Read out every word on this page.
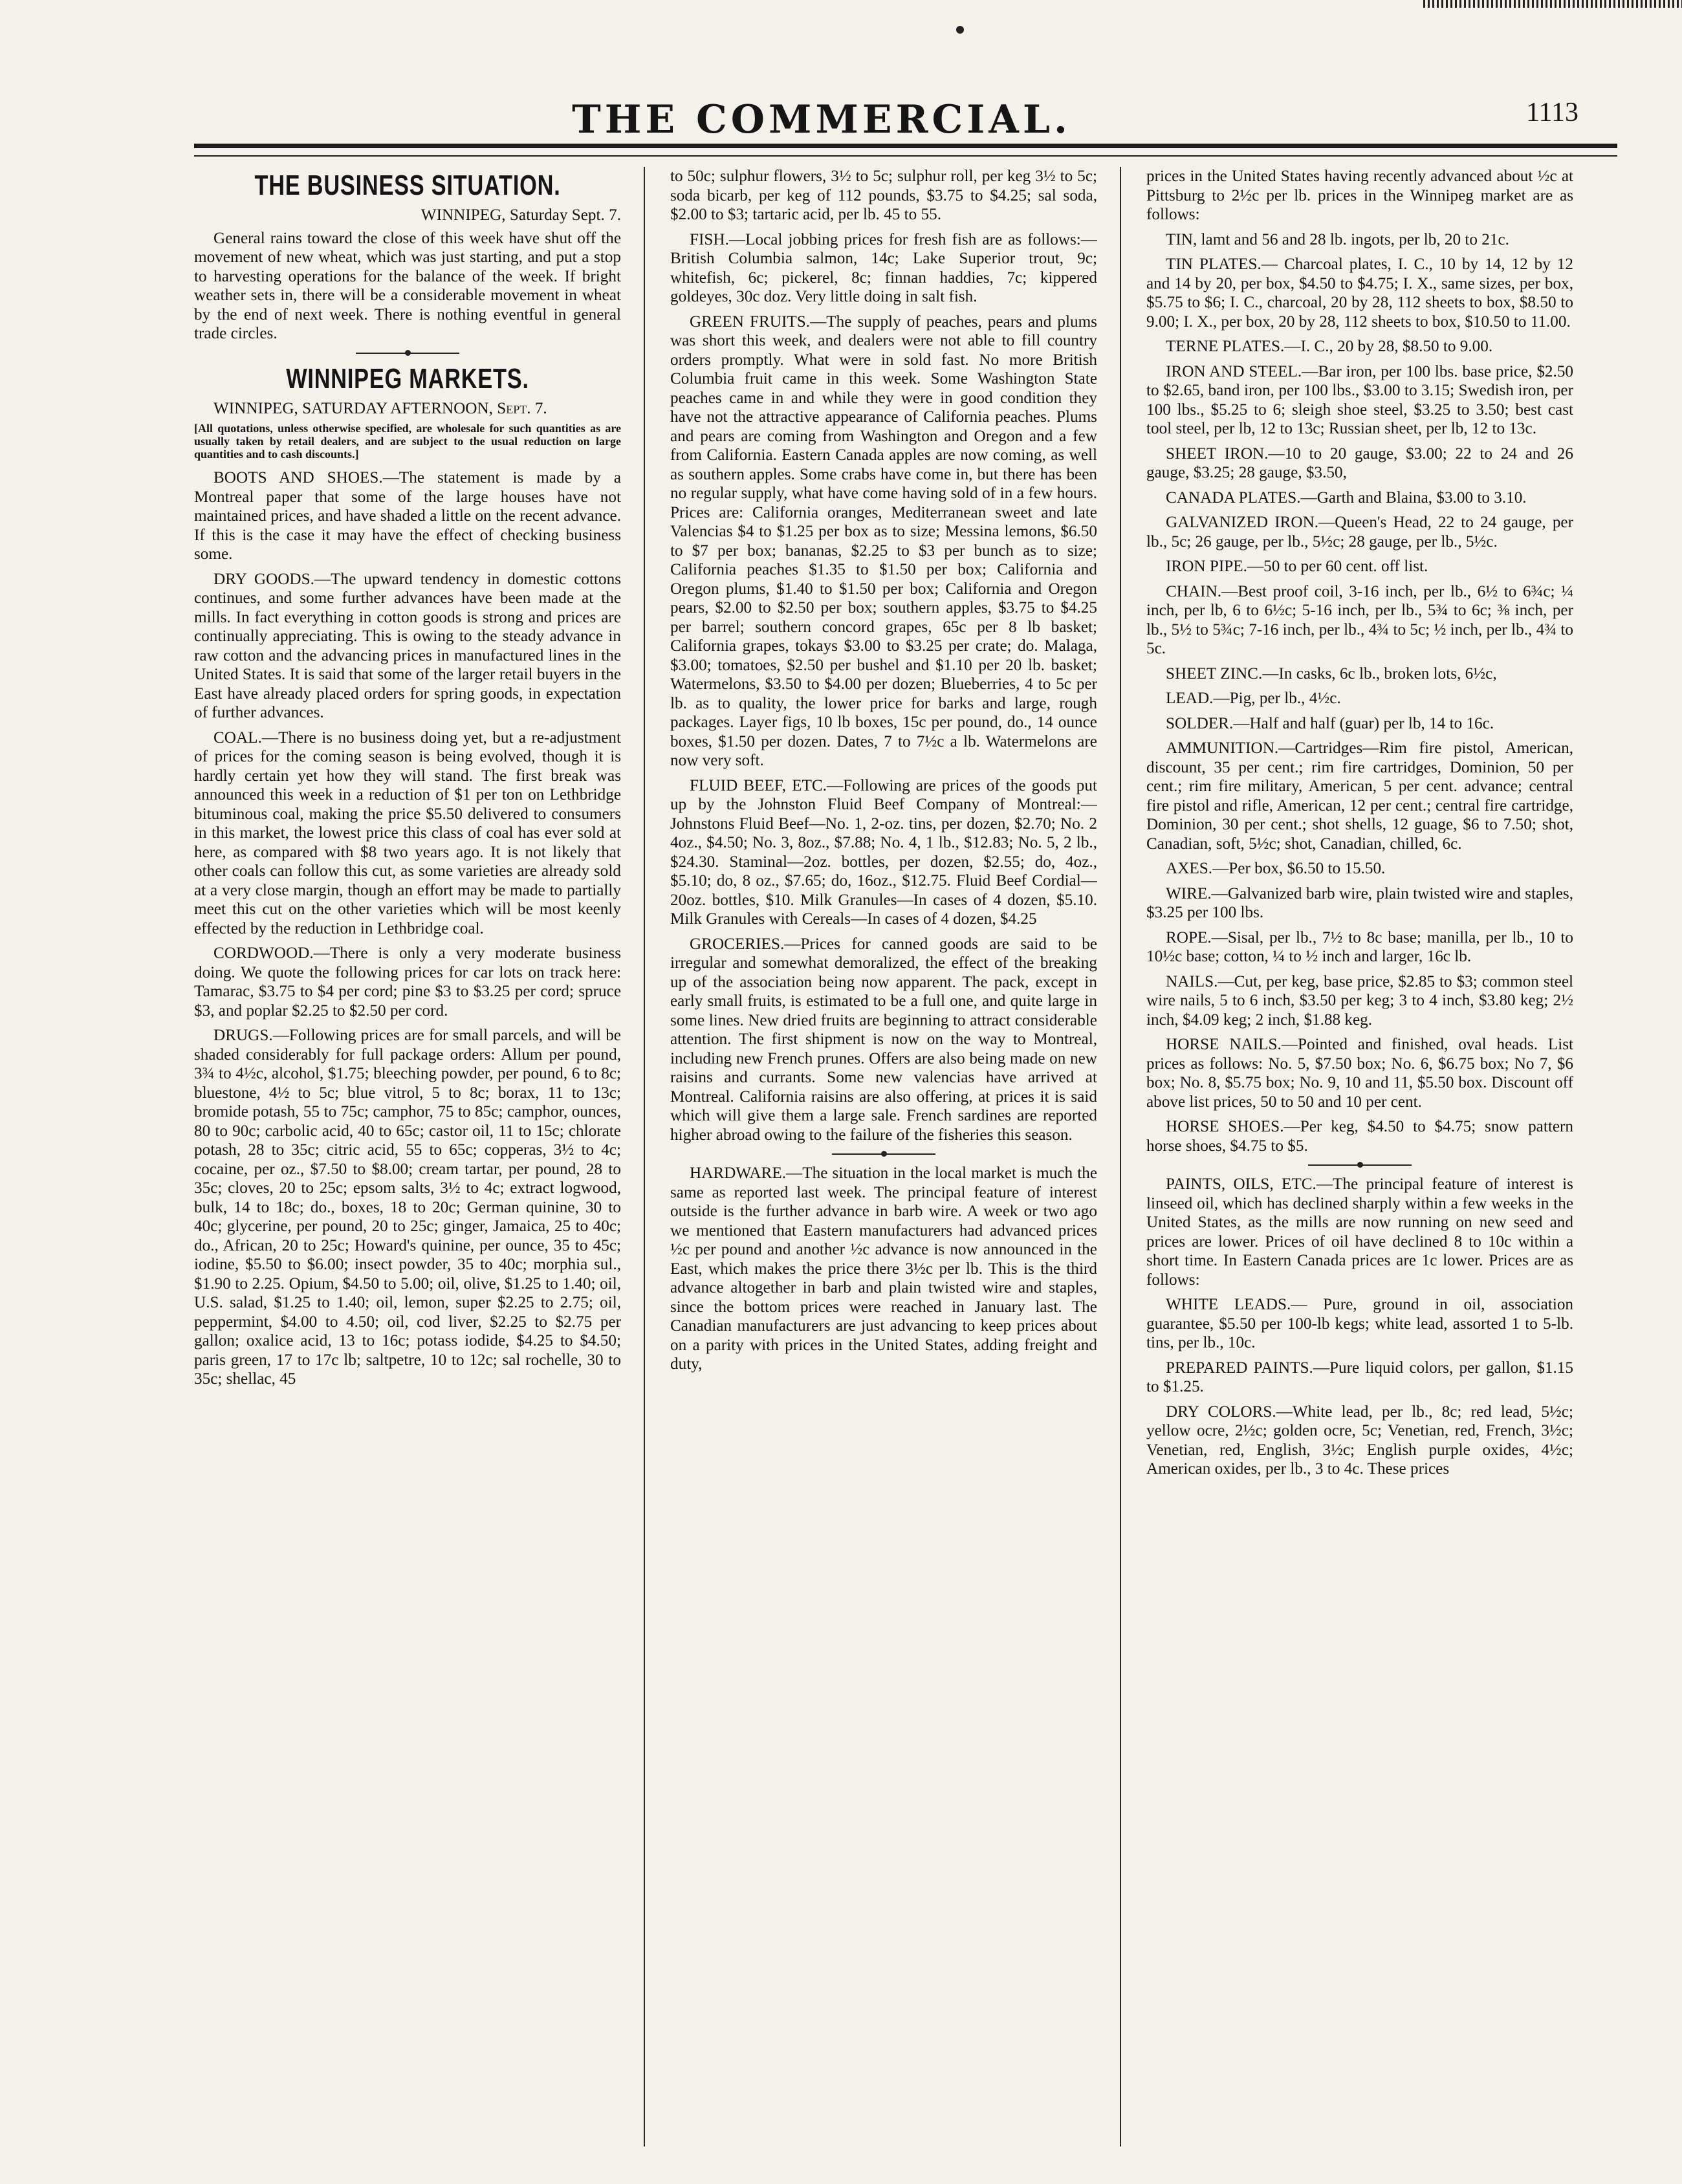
THE COMMERCIAL.	1113
THE BUSINESS SITUATION.
WINNIPEG, Saturday Sept. 7.

General rains toward the close of this week have shut off the movement of new wheat, which was just starting, and put a stop to harvesting operations for the balance of the week. If bright weather sets in, there will be a considerable movement in wheat by the end of next week. There is nothing eventful in general trade circles.

WINNIPEG MARKETS.
WINNIPEG, SATURDAY AFTERNOON, Sept. 7.
[All quotations, unless otherwise specified, are wholesale for such quantities as are usually taken by retail dealers, and are subject to the usual reduction on large quantities and to cash discounts.]

BOOTS AND SHOES.—The statement is made by a Montreal paper that some of the large houses have not maintained prices, and have shaded a little on the recent advance. If this is the case it may have the effect of checking business some.

DRY GOODS.—The upward tendency in domestic cottons continues, and some further advances have been made at the mills. In fact everything in cotton goods is strong and prices are continually appreciating. This is owing to the steady advance in raw cotton and the advancing prices in manufactured lines in the United States. It is said that some of the larger retail buyers in the East have already placed orders for spring goods, in expectation of further advances.

COAL.—There is no business doing yet, but a re-adjustment of prices for the coming season is being evolved, though it is hardly certain yet how they will stand. The first break was announced this week in a reduction of $1 per ton on Lethbridge bituminous coal, making the price $5.50 delivered to consumers in this market, the lowest price this class of coal has ever sold at here, as compared with $8 two years ago. It is not likely that other coals can follow this cut, as some varieties are already sold at a very close margin, though an effort may be made to partially meet this cut on the other varieties which will be most keenly effected by the reduction in Lethbridge coal.

CORDWOOD.—There is only a very moderate business doing. We quote the following prices for car lots on track here: Tamarac, $3.75 to $4 per cord; pine $3 to $3.25 per cord; spruce $3, and poplar $2.25 to $2.50 per cord.

DRUGS.—Following prices are for small parcels, and will be shaded considerably for full package orders: Allum per pound, 3¾ to 4½c, alcohol, $1.75; bleeching powder, per pound, 6 to 8c; bluestone, 4½ to 5c; blue vitrol, 5 to 8c; borax, 11 to 13c; bromide potash, 55 to 75c; camphor, 75 to 85c; camphor, ounces, 80 to 90c; carbolic acid, 40 to 65c; castor oil, 11 to 15c; chlorate potash, 28 to 35c; citric acid, 55 to 65c; copperas, 3½ to 4c; cocaine, per oz., $7.50 to $8.00; cream tartar, per pound, 28 to 35c; cloves, 20 to 25c; epsom salts, 3½ to 4c; extract logwood, bulk, 14 to 18c; do., boxes, 18 to 20c; German quinine, 30 to 40c; glycerine, per pound, 20 to 25c; ginger, Jamaica, 25 to 40c; do., African, 20 to 25c; Howard's quinine, per ounce, 35 to 45c; iodine, $5.50 to $6.00; insect powder, 35 to 40c; morphia sul., $1.90 to 2.25. Opium, $4.50 to 5.00; oil, olive, $1.25 to 1.40; oil, U.S. salad, $1.25 to 1.40; oil, lemon, super $2.25 to 2.75; oil, peppermint, $4.00 to 4.50; oil, cod liver, $2.25 to $2.75 per gallon; oxalice acid, 13 to 16c; potass iodide, $4.25 to $4.50; paris green, 17 to 17c lb; saltpetre, 10 to 12c; sal rochelle, 30 to 35c; shellac, 45

to 50c; sulphur flowers, 3½ to 5c; sulphur roll, per keg 3½ to 5c; soda bicarb, per keg of 112 pounds, $3.75 to $4.25; sal soda, $2.00 to $3; tartaric acid, per lb. 45 to 55.

FISH.—Local jobbing prices for fresh fish are as follows:—British Columbia salmon, 14c; Lake Superior trout, 9c; whitefish, 6c; pickerel, 8c; finnan haddies, 7c; kippered goldeyes, 30c doz. Very little doing in salt fish.

GREEN FRUITS.—The supply of peaches, pears and plums was short this week, and dealers were not able to fill country orders promptly. What were in sold fast. No more British Columbia fruit came in this week. Some Washington State peaches came in and while they were in good condition they have not the attractive appearance of California peaches. Plums and pears are coming from Washington and Oregon and a few from California. Eastern Canada apples are now coming, as well as southern apples. Some crabs have come in, but there has been no regular supply, what have come having sold of in a few hours. Prices are: California oranges, Mediterranean sweet and late Valencias $4 to $1.25 per box as to size; Messina lemons, $6.50 to $7 per box; bananas, $2.25 to $3 per bunch as to size; California peaches $1.35 to $1.50 per box; California and Oregon plums, $1.40 to $1.50 per box; California and Oregon pears, $2.00 to $2.50 per box; southern apples, $3.75 to $4.25 per barrel; southern concord grapes, 65c per 8 lb basket; California grapes, tokays $3.00 to $3.25 per crate; do. Malaga, $3.00; tomatoes, $2.50 per bushel and $1.10 per 20 lb. basket; Watermelons, $3.50 to $4.00 per dozen; Blueberries, 4 to 5c per lb. as to quality, the lower price for barks and large, rough packages. Layer figs, 10 lb boxes, 15c per pound, do., 14 ounce boxes, $1.50 per dozen. Dates, 7 to 7½c a lb. Watermelons are now very soft.

FLUID BEEF, ETC.—Following are prices of the goods put up by the Johnston Fluid Beef Company of Montreal:—Johnstons Fluid Beef—No. 1, 2-oz. tins, per dozen, $2.70; No. 2 4oz., $4.50; No. 3, 8oz., $7.88; No. 4, 1 lb., $12.83; No. 5, 2 lb., $24.30. Staminal—2oz. bottles, per dozen, $2.55; do, 4oz., $5.10; do, 8 oz., $7.65; do, 16oz., $12.75. Fluid Beef Cordial—20oz. bottles, $10. Milk Granules—In cases of 4 dozen, $5.10. Milk Granules with Cereals—In cases of 4 dozen, $4.25

GROCERIES.—Prices for canned goods are said to be irregular and somewhat demoralized, the effect of the breaking up of the association being now apparent. The pack, except in early small fruits, is estimated to be a full one, and quite large in some lines. New dried fruits are beginning to attract considerable attention. The first shipment is now on the way to Montreal, including new French prunes. Offers are also being made on new raisins and currants. Some new valencias have arrived at Montreal. California raisins are also offering, at prices it is said which will give them a large sale. French sardines are reported higher abroad owing to the failure of the fisheries this season.

HARDWARE.—The situation in the local market is much the same as reported last week. The principal feature of interest outside is the further advance in barb wire. A week or two ago we mentioned that Eastern manufacturers had advanced prices ½c per pound and another ½c advance is now announced in the East, which makes the price there 3½c per lb. This is the third advance altogether in barb and plain twisted wire and staples, since the bottom prices were reached in January last. The Canadian manufacturers are just advancing to keep prices about on a parity with prices in the United States, adding freight and duty,

prices in the United States having recently advanced about ½c at Pittsburg to 2½c per lb. prices in the Winnipeg market are as follows:

TIN, lamt and 56 and 28 lb. ingots, per lb, 20 to 21c.

TIN PLATES.— Charcoal plates, I. C., 10 by 14, 12 by 12 and 14 by 20, per box, $4.50 to $4.75; I. X., same sizes, per box, $5.75 to $6; I. C., charcoal, 20 by 28, 112 sheets to box, $8.50 to 9.00; I. X., per box, 20 by 28, 112 sheets to box, $10.50 to 11.00.

TERNE PLATES.—I. C., 20 by 28, $8.50 to 9.00.

IRON AND STEEL.—Bar iron, per 100 lbs. base price, $2.50 to $2.65, band iron, per 100 lbs., $3.00 to 3.15; Swedish iron, per 100 lbs., $5.25 to 6; sleigh shoe steel, $3.25 to 3.50; best cast tool steel, per lb, 12 to 13c; Russian sheet, per lb, 12 to 13c.

SHEET IRON.—10 to 20 gauge, $3.00; 22 to 24 and 26 gauge, $3.25; 28 gauge, $3.50,

CANADA PLATES.—Garth and Blaina, $3.00 to 3.10.

GALVANIZED IRON.—Queen's Head, 22 to 24 gauge, per lb., 5c; 26 gauge, per lb., 5½c; 28 gauge, per lb., 5½c.

IRON PIPE.—50 to per 60 cent. off list.

CHAIN.—Best proof coil, 3-16 inch, per lb., 6½ to 6¾c; ¼ inch, per lb, 6 to 6½c; 5-16 inch, per lb., 5¾ to 6c; ⅜ inch, per lb., 5½ to 5¾c; 7-16 inch, per lb., 4¾ to 5c; ½ inch, per lb., 4¾ to 5c.

SHEET ZINC.—In casks, 6c lb., broken lots, 6½c,

LEAD.—Pig, per lb., 4½c.

SOLDER.—Half and half (guar) per lb, 14 to 16c.

AMMUNITION.—Cartridges—Rim fire pistol, American, discount, 35 per cent.; rim fire cartridges, Dominion, 50 per cent.; rim fire military, American, 5 per cent. advance; central fire pistol and rifle, American, 12 per cent.; central fire cartridge, Dominion, 30 per cent.; shot shells, 12 guage, $6 to 7.50; shot, Canadian, soft, 5½c; shot, Canadian, chilled, 6c.

AXES.—Per box, $6.50 to 15.50.

WIRE.—Galvanized barb wire, plain twisted wire and staples, $3.25 per 100 lbs.

ROPE.—Sisal, per lb., 7½ to 8c base; manilla, per lb., 10 to 10½c base; cotton, ¼ to ½ inch and larger, 16c lb.

NAILS.—Cut, per keg, base price, $2.85 to $3; common steel wire nails, 5 to 6 inch, $3.50 per keg; 3 to 4 inch, $3.80 keg; 2½ inch, $4.09 keg; 2 inch, $1.88 keg.

HORSE NAILS.—Pointed and finished, oval heads. List prices as follows: No. 5, $7.50 box; No. 6, $6.75 box; No 7, $6 box; No. 8, $5.75 box; No. 9, 10 and 11, $5.50 box. Discount off above list prices, 50 to 50 and 10 per cent.

HORSE SHOES.—Per keg, $4.50 to $4.75; snow pattern horse shoes, $4.75 to $5.

PAINTS, OILS, ETC.—The principal feature of interest is linseed oil, which has declined sharply within a few weeks in the United States, as the mills are now running on new seed and prices are lower. Prices of oil have declined 8 to 10c within a short time. In Eastern Canada prices are 1c lower. Prices are as follows:

WHITE LEADS.— Pure, ground in oil, association guarantee, $5.50 per 100-lb kegs; white lead, assorted 1 to 5-lb. tins, per lb., 10c.

PREPARED PAINTS.—Pure liquid colors, per gallon, $1.15 to $1.25.

DRY COLORS.—White lead, per lb., 8c; red lead, 5½c; yellow ocre, 2½c; golden ocre, 5c; Venetian, red, French, 3½c; Venetian, red, English, 3½c; English purple oxides, 4½c; American oxides, per lb., 3 to 4c. These prices
